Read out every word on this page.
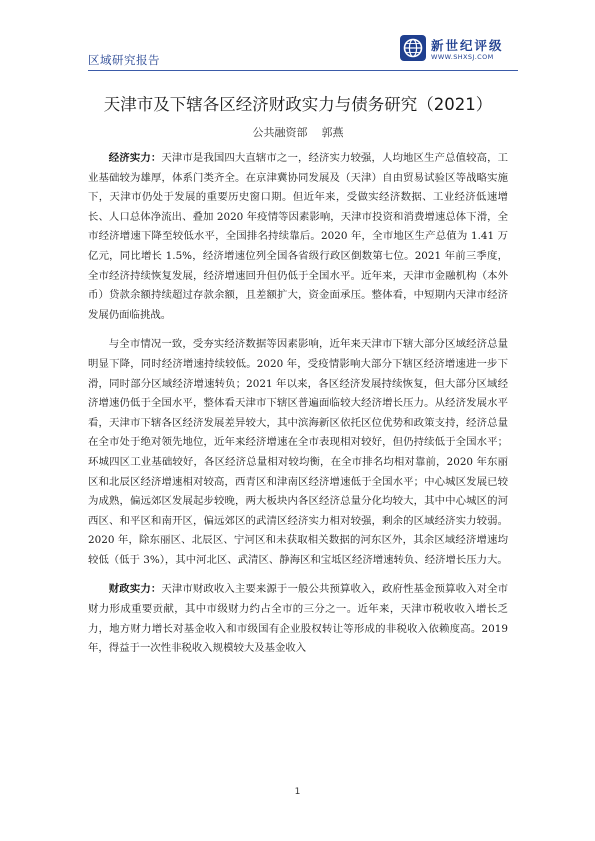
区域研究报告
新世纪评级
WWW.SHXSJ.COM
天津市及下辖各区经济财政实力与债务研究（2021）
公共融资部 郭燕

经济实力：天津市是我国四大直辖市之一，经济实力较强，人均地区生产总值较高，工业基础较为雄厚，体系门类齐全。在京津冀协同发展及（天津）自由贸易试验区等战略实施下，天津市仍处于发展的重要历史窗口期。但近年来，受做实经济数据、工业经济低速增长、人口总体净流出、叠加 2020 年疫情等因素影响，天津市投资和消费增速总体下滑，全市经济增速下降至较低水平，全国排名持续靠后。2020 年，全市地区生产总值为 1.41 万亿元，同比增长 1.5%，经济增速位列全国各省级行政区倒数第七位。2021 年前三季度，全市经济持续恢复发展，经济增速回升但仍低于全国水平。近年来，天津市金融机构（本外币）贷款余额持续超过存款余额，且差额扩大，资金面承压。整体看，中短期内天津市经济发展仍面临挑战。

与全市情况一致，受夯实经济数据等因素影响，近年来天津市下辖大部分区域经济总量明显下降，同时经济增速持续较低。2020 年，受疫情影响大部分下辖区经济增速进一步下滑，同时部分区域经济增速转负；2021 年以来，各区经济发展持续恢复，但大部分区域经济增速仍低于全国水平，整体看天津市下辖区普遍面临较大经济增长压力。从经济发展水平看，天津市下辖各区经济发展差异较大，其中滨海新区依托区位优势和政策支持，经济总量在全市处于绝对领先地位，近年来经济增速在全市表现相对较好，但仍持续低于全国水平；环城四区工业基础较好，各区经济总量相对较均衡，在全市排名均相对靠前，2020 年东丽区和北辰区经济增速相对较高，西青区和津南区经济增速低于全国水平；中心城区发展已较为成熟，偏远郊区发展起步较晚，两大板块内各区经济总量分化均较大，其中中心城区的河西区、和平区和南开区，偏远郊区的武清区经济实力相对较强，剩余的区域经济实力较弱。2020 年，除东丽区、北辰区、宁河区和未获取相关数据的河东区外，其余区域经济增速均较低（低于 3%），其中河北区、武清区、静海区和宝坻区经济增速转负、经济增长压力大。

财政实力：天津市财政收入主要来源于一般公共预算收入，政府性基金预算收入对全市财力形成重要贡献，其中市级财力约占全市的三分之一。近年来，天津市税收收入增长乏力，地方财力增长对基金收入和市级国有企业股权转让等形成的非税收入依赖度高。2019 年，得益于一次性非税收入规模较大及基金收入

1
